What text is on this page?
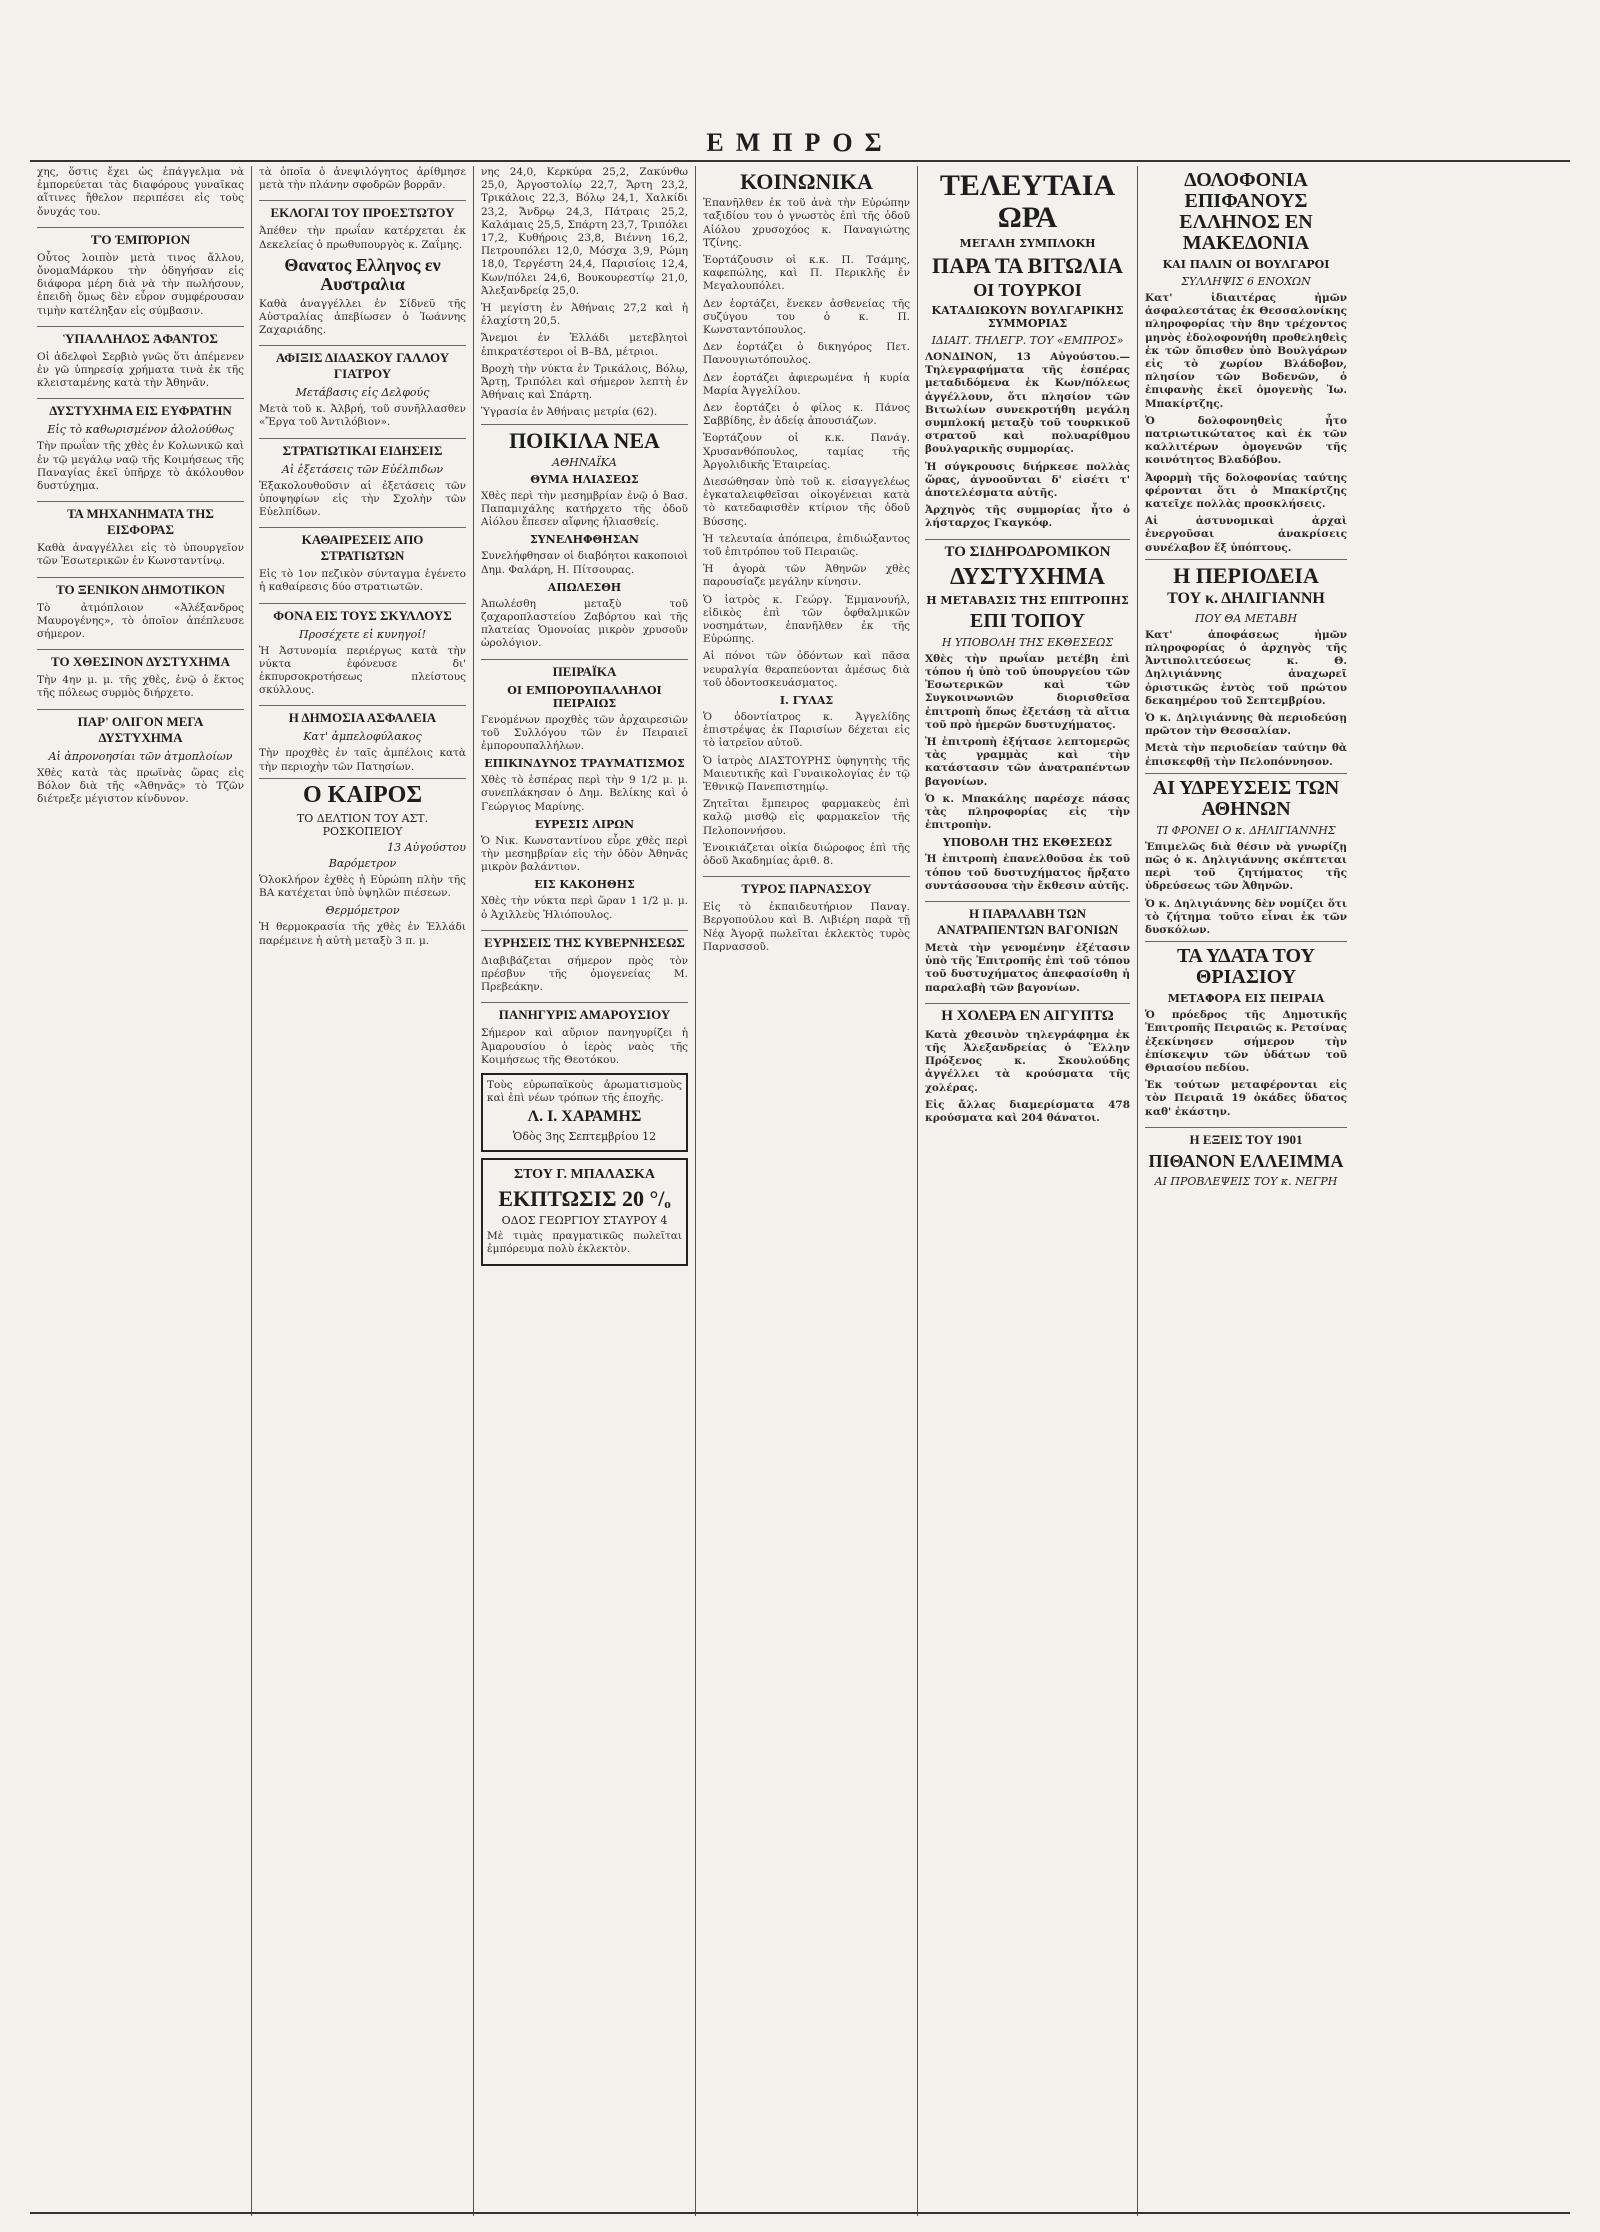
ΕΜΠΡΟΣ

χης, ὅστις ἔχει ὡς ἐπάγγελμα νὰ ἐμπορεύεται τὰς διαφόρους γυναῖκας αἵτινες ἤθελον περιπέσει εἰς τοὺς ὄνυχάς του.

ΤῸ ἘΜΠΌΡΙΟΝ

Οὗτος λοιπὸν μετὰ τινος ἄλλου, ὄνομαΜάρκου τὴν ὁδηγήσαν εἰς διάφορα μέρη διὰ νὰ τὴν πωλήσουν, ἐπειδὴ ὅμως δὲν εὗρον συμφέρουσαν τιμὴν κατέληξαν εἰς σύμβασιν.

ὙΠΑΛΛΗΛΟΣ ἈΦΑΝΤΟΣ

Οἱ ἀδελφοὶ Σερβιὸ γνῶς ὅτι ἀπέμενεν ἐν γῶ ὑπηρεσίᾳ χρήματα τινὰ ἐκ τῆς κλεισταμένης κατὰ τὴν Ἀθηνᾶν.

ΔΥΣΤΥΧΗΜΑ ΕΙΣ ΕΥΦΡΑΤΗΝ
Εἰς τὸ καθωρισμένον ἀλολούθως

Τὴν πρωΐαν τῆς χθὲς ἐν Κολωνικῶ καὶ ἐν τῷ μεγάλῳ ναῷ τῆς Κοιμήσεως τῆς Παναγίας ἐκεῖ ὑπῆρχε τὸ ἀκόλουθον δυστύχημα.

ΤΑ ΜΗΧΑΝΗΜΑΤΑ ΤΗΣ ΕΙΣΦΟΡΑΣ

Καθὰ ἀναγγέλλει εἰς τὸ ὑπουργεῖον τῶν Ἐσωτερικῶν ἐν Κωνσταντίνῳ.

ΤΟ ΞΕΝΙΚΟΝ ΔΗΜΟΤΙΚΟΝ

Τὸ ἀτμόπλοιον «Ἀλέξανδρος Μαυρογένης», τὸ ὁποῖον ἀπέπλευσε σήμερον.

ΤΟ ΧΘΕΣΙΝΟΝ ΔΥΣΤΥΧΗΜΑ

Τὴν 4ην μ. μ. τῆς χθὲς, ἐνῷ ὁ ἕκτος τῆς πόλεως συρμὸς διήρχετο.

ΠΑΡ' ΟΛΙΓΟΝ ΜΕΓΑ ΔΥΣΤΥΧΗΜΑ
Αἱ ἀπρονοησίαι τῶν ἀτμοπλοίων

Χθὲς κατὰ τὰς πρωϊνὰς ὥρας εἰς Βόλον διὰ τῆς «Ἀθηνᾶς» τὸ Τζῶν διέτρεξε μέγιστον κίνδυνον.

τὰ ὁποῖα ὁ ἀνεψιλόγητος ἀρίθμησε μετὰ τὴν πλάνην σφοδρῶν βορρᾶν.

ΕΚΛΟΓΑΙ ΤΟΥ ΠΡΟΕΣΤΩΤΟΥ

Ἀπέθεν τὴν πρωΐαν κατέρχεται ἐκ Δεκελείας ὁ πρωθυπουργὸς κ. Ζαΐμης.

Θανατος Ελληνος εν Αυστραλια

Καθὰ ἀναγγέλλει ἐν Σίδνεϋ τῆς Αὐστραλίας ἀπεβίωσεν ὁ Ἰωάννης Ζαχαριάδης.

ΑΦΙΞΙΣ ΔΙΔΑΣΚΟΥ ΓΑΛΛΟΥ ΓΙΑΤΡΟΥ
Μετάβασις εἰς Δελφούς

Μετὰ τοῦ κ. Ἀλβρή, τοῦ συνῆλλασθεν «Ἔργα τοῦ Ἀντιλόβιον».

ΣΤΡΑΤΙΩΤΙΚΑΙ ΕΙΔΗΣΕΙΣ
Αἱ ἐξετάσεις τῶν Εὐέλπιδων

Ἐξακολουθοῦσιν αἱ ἐξετάσεις τῶν ὑποψηφίων εἰς τὴν Σχολὴν τῶν Εὐελπίδων.

ΚΑΘΑΙΡΕΣΕΙΣ ΑΠΟ ΣΤΡΑΤΙΩΤΩΝ

Εἰς τὸ 1ον πεζικὸν σύνταγμα ἐγένετο ἡ καθαίρεσις δύο στρατιωτῶν.

ΦΟΝΑ ΕΙΣ ΤΟΥΣ ΣΚΥΛΛΟΥΣ
Προσέχετε εἰ κυνηγοί!

Ἡ Ἀστυνομία περιέργως κατὰ τὴν νύκτα ἐφόνευσε δι' ἐκπυρσοκροτήσεως πλείστους σκύλλους.

Η ΔΗΜΟΣΙΑ ΑΣΦΑΛΕΙΑ
Κατ' ἀμπελοφύλακος

Τὴν προχθὲς ἐν ταῖς ἀμπέλοις κατὰ τὴν περιοχὴν τῶν Πατησίων.

Ο ΚΑΙΡΟΣ
ΤΟ ΔΕΛΤΙΟΝ ΤΟΥ ΑΣΤ. ΡΟΣΚΟΠΕΙΟΥ
13 Αὐγούστου
Βαρόμετρον

Ὁλοκλήρον ἐχθὲς ἡ Εὐρώπη πλὴν τῆς ΒΑ κατέχεται ὑπὸ ὑψηλῶν πιέσεων.

Θερμόμετρον

Ἡ θερμοκρασία τῆς χθὲς ἐν Ἑλλάδι παρέμεινε ἡ αὐτὴ μεταξὺ 3 π. μ.

νης 24,0, Κερκύρα 25,2, Ζακύνθω 25,0, Ἀργοστολίῳ 22,7, Ἄρτη 23,2, Τρικάλοις 22,3, Βόλῳ 24,1, Χαλκίδι 23,2, Ἄνδρῳ 24,3, Πάτραις 25,2, Καλάμαις 25,5, Σπάρτη 23,7, Τριπόλει 17,2, Κυθήροις 23,8, Βιέννη 16,2, Πετρουπόλει 12,0, Μόσχα 3,9, Ρώμη 18,0, Τεργέστη 24,4, Παρισίοις 12,4, Κων/πόλει 24,6, Βουκουρεστίῳ 21,0, Ἀλεξανδρείᾳ 25,0.

Ἡ μεγίστη ἐν Ἀθήναις 27,2 καὶ ἡ ἐλαχίστη 20,5.

Ἄνεμοι ἐν Ἑλλάδι μετεβλητοὶ ἐπικρατέστεροι οἱ Β–ΒΔ, μέτριοι.

Βροχὴ τὴν νύκτα ἐν Τρικάλοις, Βόλῳ, Ἄρτῃ, Τριπόλει καὶ σήμερον λεπτὴ ἐν Ἀθήναις καὶ Σπάρτη.

Ὑγρασία ἐν Ἀθήναις μετρία (62).

ΠΟΙΚΙΛΑ ΝΕΑ
ΑΘΗΝΑΪΚΑ
ΘΥΜΑ ΗΛΙΑΣΕΩΣ

Χθὲς περὶ τὴν μεσημβρίαν ἐνῷ ὁ Βασ. Παπαμιχάλης κατήρχετο τῆς ὁδοῦ Αἰόλου ἔπεσεν αἴφνης ἠλιασθείς.

ΣΥΝΕΛΗΦΘΗΣΑΝ

Συνελήφθησαν οἱ διαβόητοι κακοποιοὶ Δημ. Φαλάρη, Η. Πίτσουρας.

ΑΠΩΛΕΣΘΗ

Ἀπωλέσθη μεταξὺ τοῦ ζαχαροπλαστείου Ζαβόρτου καὶ τῆς πλατείας Ὁμονοίας μικρὸν χρυσοῦν ὡρολόγιον.

ΠΕΙΡΑΪΚΑ
ΟΙ ΕΜΠΟΡΟΥΠΑΛΛΗΛΟΙ ΠΕΙΡΑΙΩΣ

Γενομένων προχθὲς τῶν ἀρχαιρεσιῶν τοῦ Συλλόγου τῶν ἐν Πειραιεῖ ἐμπορουπαλλήλων.

ΕΠΙΚΙΝΔΥΝΟΣ ΤΡΑΥΜΑΤΙΣΜΟΣ

Χθὲς τὸ ἑσπέρας περὶ τὴν 9 1/2 μ. μ. συνεπλάκησαν ὁ Δημ. Βελίκης καὶ ὁ Γεώργιος Μαρίνης.

ΕΥΡΕΣΙΣ ΛΙΡΩΝ

Ὁ Νικ. Κωνσταντίνου εὗρε χθὲς περὶ τὴν μεσημβρίαν εἰς τὴν ὁδὸν Ἀθηνᾶς μικρὸν βαλάντιον.

ΕΙΣ ΚΑΚΟΗΘΗΣ

Χθὲς τὴν νύκτα περὶ ὥραν 1 1/2 μ. μ. ὁ Ἀχιλλεὺς Ἠλιόπουλος.

ΕΥΡΗΣΕΙΣ ΤΗΣ ΚΥΒΕΡΝΗΣΕΩΣ

Διαβιβάζεται σήμερον πρὸς τὸν πρέσβυν τῆς ὁμογενείας Μ. Πρεβεάκην.

ΠΑΝΗΓΥΡΙΣ ΑΜΑΡΟΥΣΙΟΥ

Σήμερον καὶ αὔριον πανηγυρίζει ἡ Ἀμαρουσίου ὁ ἱερὸς ναὸς τῆς Κοιμήσεως τῆς Θεοτόκου.

Τοὺς εὐρωπαϊκοὺς ἀρωματισμοὺς καὶ ἐπὶ νέων τρόπων τῆς ἐποχῆς.

Λ. Ι. ΧΑΡΑΜΗΣ
Ὁδὸς 3ης Σεπτεμβρίου 12
ΣΤΟΥ Γ. ΜΠΑΛΑΣΚΑ
ΕΚΠΤΩΣΙΣ 20 °/ₒ
ΟΔΟΣ ΓΕΩΡΓΙΟΥ ΣΤΑΥΡΟΥ 4

Μὲ τιμὰς πραγματικῶς πωλεῖται ἐμπόρευμα πολὺ ἐκλεκτὸν.

ΚΟΙΝΩΝΙΚΑ

Ἐπανῆλθεν ἐκ τοῦ ἀνὰ τὴν Εὐρώπην ταξιδίου του ὁ γνωστὸς ἐπὶ τῆς ὁδοῦ Αἰόλου χρυσοχόος κ. Παναγιώτης Τζίνης.

Ἐορτάζουσιν οἱ κ.κ. Π. Τσάμης, καφεπώλης, καὶ Π. Περικλῆς ἐν Μεγαλουπόλει.

Δεν ἑορτάζει, ἕνεκεν ἀσθενείας τῆς συζύγου του ὁ κ. Π. Κωνσταντόπουλος.

Δεν ἑορτάζει ὁ δικηγόρος Πετ. Πανουγιωτόπουλος.

Δεν ἑορτάζει ἀφιερωμένα ἡ κυρία Μαρία Ἀγγελίλου.

Δεν ἑορτάζει ὁ φίλος κ. Πάνος Σαββίδης, ἐν ἀδείᾳ ἀπουσιάζων.

Ἑορτάζουν οἱ κ.κ. Πανάγ. Χρυσανθόπουλος, ταμίας τῆς Ἀργολιδικῆς Ἑταιρείας.

Διεσώθησαν ὑπὸ τοῦ κ. εἰσαγγελέως ἐγκαταλειφθεῖσαι οἰκογένειαι κατὰ τὸ κατεδαφισθὲν κτίριον τῆς ὁδοῦ Βύσσης.

Ἡ τελευταία ἀπόπειρα, ἐπιδιώξαντος τοῦ ἐπιτρόπου τοῦ Πειραιῶς.

Ἡ ἀγορὰ τῶν Ἀθηνῶν χθὲς παρουσίαζε μεγάλην κίνησιν.

Ὁ ἰατρὸς κ. Γεώργ. Ἐμμανουήλ, εἰδικὸς ἐπὶ τῶν ὀφθαλμικῶν νοσημάτων, ἐπανῆλθεν ἐκ τῆς Εὐρώπης.

Αἱ πόνοι τῶν ὀδόντων καὶ πᾶσα νευραλγία θεραπεύονται ἀμέσως διὰ τοῦ ὀδοντοσκευάσματος.

Ι. ΓΥΛΑΣ

Ὁ ὀδοντίατρος κ. Ἀγγελίδης ἐπιστρέψας ἐκ Παρισίων δέχεται εἰς τὸ ἰατρεῖον αὐτοῦ.

Ὁ ἰατρὸς ΔΙΑΣΤΟΥΡΗΣ ὑφηγητὴς τῆς Μαιευτικῆς καὶ Γυναικολογίας ἐν τῷ Ἐθνικῷ Πανεπιστημίῳ.

Ζητεῖται ἔμπειρος φαρμακεὺς ἐπὶ καλῷ μισθῷ εἰς φαρμακεῖον τῆς Πελοποννήσου.

Ἐνοικιάζεται οἰκία διώροφος ἐπὶ τῆς ὁδοῦ Ἀκαδημίας ἀριθ. 8.

ΤΥΡΟΣ ΠΑΡΝΑΣΣΟΥ

Εἰς τὸ ἐκπαιδευτήριον Παναγ. Βεργοπούλου καὶ Β. Λιβιέρη παρὰ τῇ Νέᾳ Ἀγορᾷ πωλεῖται ἐκλεκτὸς τυρὸς Παρνασσοῦ.

ΤΕΛΕΥΤΑΙΑ ΩΡΑ
ΜΕΓΑΛΗ ΣΥΜΠΛΟΚΗ
ΠΑΡΑ ΤΑ ΒΙΤΩΛΙΑ
ΟΙ ΤΟΥΡΚΟΙ
ΚΑΤΑΔΙΩΚΟΥΝ ΒΟΥΛΓΑΡΙΚΗΣ ΣΥΜΜΟΡΙΑΣ
ΙΔΙΑΙΤ. ΤΗΛΕΓΡ. ΤΟΥ «ΕΜΠΡΟΣ»

ΛΟΝΔΙΝΟΝ, 13 Αὐγούστου.—Τηλεγραφήματα τῆς ἑσπέρας μεταδιδόμενα ἐκ Κων/πόλεως ἀγγέλλουν, ὅτι πλησίον τῶν Βιτωλίων συνεκροτήθη μεγάλη συμπλοκή μεταξὺ τοῦ τουρκικοῦ στρατοῦ καὶ πολυαρίθμου βουλγαρικῆς συμμορίας.

Ἡ σύγκρουσις διήρκεσε πολλὰς ὥρας, ἀγνοοῦνται δ' εἰσέτι τ' ἀποτελέσματα αὐτῆς.

Ἀρχηγὸς τῆς συμμορίας ἦτο ὁ λήσταρχος Γκαγκόφ.

ΤΟ ΣΙΔΗΡΟΔΡΟΜΙΚΟΝ
ΔΥΣΤΥΧΗΜΑ
Η ΜΕΤΑΒΑΣΙΣ ΤΗΣ ΕΠΙΤΡΟΠΗΣ
ΕΠΙ ΤΟΠΟΥ
Η ΥΠΟΒΟΛΗ ΤΗΣ ΕΚΘΕΣΕΩΣ

Χθὲς τὴν πρωΐαν μετέβη ἐπὶ τόπου ἡ ὑπὸ τοῦ ὑπουργείου τῶν Ἐσωτερικῶν καὶ τῶν Συγκοινωνιῶν διορισθεῖσα ἐπιτροπὴ ὅπως ἐξετάσῃ τὰ αἴτια τοῦ πρὸ ἡμερῶν δυστυχήματος.

Ἡ ἐπιτροπὴ ἐξήτασε λεπτομερῶς τὰς γραμμὰς καὶ τὴν κατάστασιν τῶν ἀνατραπέντων βαγονίων.

Ὁ κ. Μπακάλης παρέσχε πάσας τὰς πληροφορίας εἰς τὴν ἐπιτροπὴν.

ΥΠΟΒΟΛΗ ΤΗΣ ΕΚΘΕΣΕΩΣ

Ἡ ἐπιτροπὴ ἐπανελθοῦσα ἐκ τοῦ τόπου τοῦ δυστυχήματος ἤρξατο συντάσσουσα τὴν ἔκθεσιν αὐτῆς.

Η ΠΑΡΑΛΑΒΗ ΤΩΝ ΑΝΑΤΡΑΠΕΝΤΩΝ ΒΑΓΟΝΙΩΝ

Μετὰ τὴν γενομένην ἐξέτασιν ὑπὸ τῆς Ἐπιτροπῆς ἐπὶ τοῦ τόπου τοῦ δυστυχήματος ἀπεφασίσθη ἡ παραλαβὴ τῶν βαγονίων.

Η ΧΟΛΕΡΑ ΕΝ ΑΙΓΥΠΤΩ

Κατὰ χθεσινὸν τηλεγράφημα ἐκ τῆς Ἀλεξανδρείας ὁ Ἕλλην Πρόξενος κ. Σκουλούδης ἀγγέλλει τὰ κρούσματα τῆς χολέρας.

Εἰς ἄλλας διαμερίσματα 478 κρούσματα καὶ 204 θάνατοι.

ΔΟΛΟΦΟΝΙΑ ΕΠΙΦΑΝΟΥΣ ΕΛΛΗΝΟΣ ΕΝ ΜΑΚΕΔΟΝΙΑ
ΚΑΙ ΠΑΛΙΝ ΟΙ ΒΟΥΛΓΑΡΟΙ
ΣΥΛΛΗΨΙΣ 6 ΕΝΟΧΩΝ

Κατ' ἰδιαιτέρας ἡμῶν ἀσφαλεστάτας ἐκ Θεσσαλονίκης πληροφορίας τὴν 8ην τρέχοντος μηνὸς ἐδολοφονήθη προθεληθεὶς ἐκ τῶν ὄπισθεν ὑπὸ Βουλγάρων εἰς τὸ χωρίον Βλάδοβον, πλησίον τῶν Βοδενῶν, ὁ ἐπιφανὴς ἐκεῖ ὁμογενὴς Ἰω. Μπακίρτζης.

Ὁ δολοφονηθεὶς ἦτο πατριωτικώτατος καὶ ἐκ τῶν καλλιτέρων ὁμογενῶν τῆς κοινότητος Βλαδόβου.

Ἀφορμὴ τῆς δολοφονίας ταύτης φέρονται ὅτι ὁ Μπακίρτζης κατεῖχε πολλὰς προσκλήσεις.

Αἱ ἀστυνομικαὶ ἀρχαὶ ἐνεργοῦσαι ἀνακρίσεις συνέλαβον ἕξ ὑπόπτους.

Η ΠΕΡΙΟΔΕΙΑ
ΤΟΥ κ. ΔΗΛΙΓΙΑΝΝΗ
ΠΟΥ ΘΑ ΜΕΤΑΒΗ

Κατ' ἀποφάσεως ἡμῶν πληροφορίας ὁ ἀρχηγὸς τῆς Ἀντιπολιτεύσεως κ. Θ. Δηλιγιάννης ἀναχωρεῖ ὁριστικῶς ἐντὸς τοῦ πρώτου δεκαημέρου τοῦ Σεπτεμβρίου.

Ὁ κ. Δηλιγιάννης θὰ περιοδεύσῃ πρῶτον τὴν Θεσσαλίαν.

Μετὰ τὴν περιοδείαν ταύτην θὰ ἐπισκεφθῇ τὴν Πελοπόννησον.

ΑΙ ΥΔΡΕΥΣΕΙΣ ΤΩΝ ΑΘΗΝΩΝ
ΤΙ ΦΡΟΝΕΙ Ο κ. ΔΗΛΙΓΙΑΝΝΗΣ

Ἐπιμελῶς διὰ θέσιν νὰ γνωρίζῃ πῶς ὁ κ. Δηλιγιάννης σκέπτεται περὶ τοῦ ζητήματος τῆς ὑδρεύσεως τῶν Ἀθηνῶν.

Ὁ κ. Δηλιγιάννης δὲν νομίζει ὅτι τὸ ζήτημα τοῦτο εἶναι ἐκ τῶν δυσκόλων.

ΤΑ ΥΔΑΤΑ ΤΟΥ ΘΡΙΑΣΙΟΥ
ΜΕΤΑΦΟΡΑ ΕΙΣ ΠΕΙΡΑΙΑ

Ὁ πρόεδρος τῆς Δημοτικῆς Ἐπιτροπῆς Πειραιῶς κ. Ρετσίνας ἐξεκίνησεν σήμερον τὴν ἐπίσκεψιν τῶν ὑδάτων τοῦ Θριασίου πεδίου.

Ἐκ τούτων μεταφέρονται εἰς τὸν Πειραιᾶ 19 ὀκάδες ὕδατος καθ' ἑκάστην.

Η ΕΞΕΙΣ ΤΟΥ 1901
ΠΙΘΑΝΟΝ ΕΛΛΕΙΜΜΑ
ΑΙ ΠΡΟΒΛΕΨΕΙΣ ΤΟΥ κ. ΝΕΓΡΗ
